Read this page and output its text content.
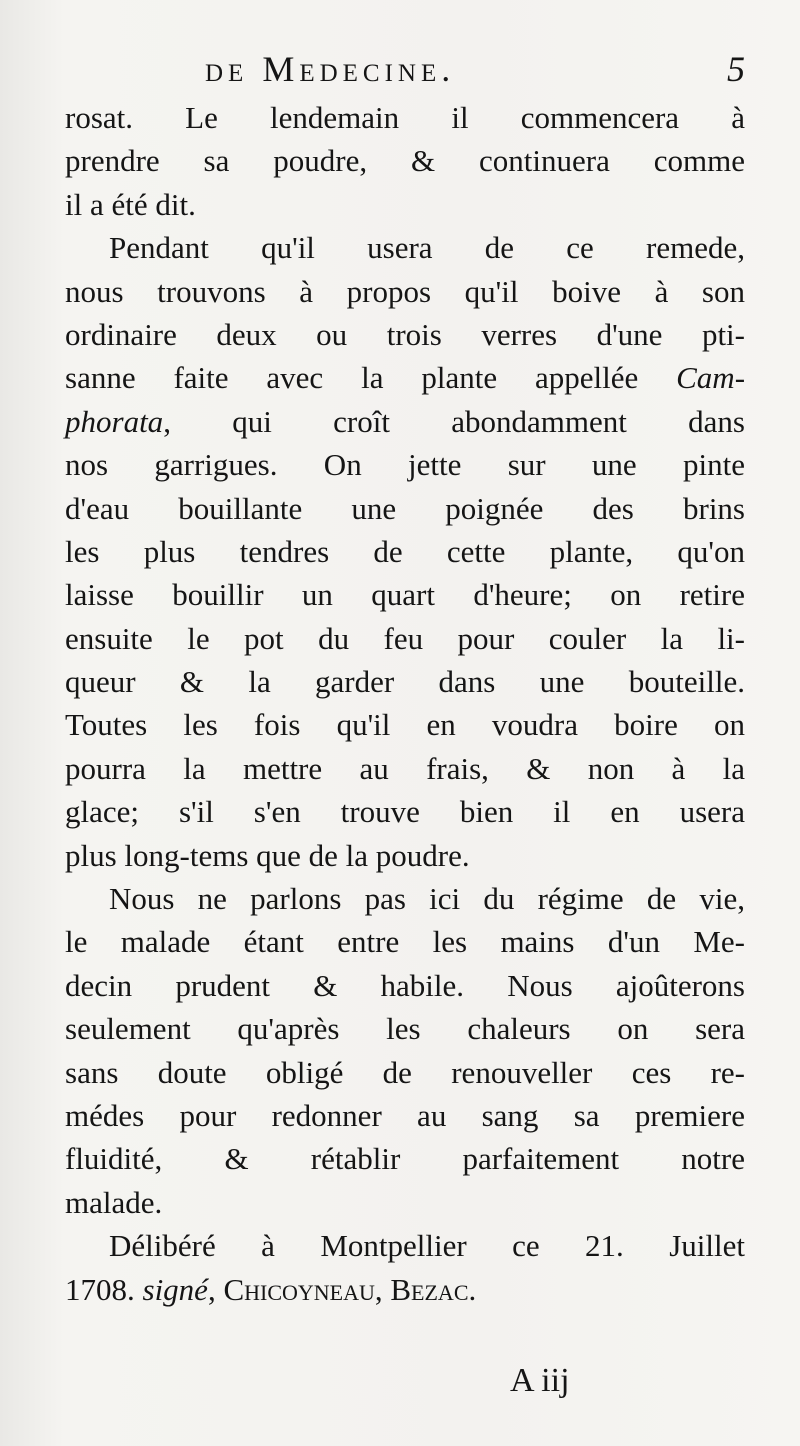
de Medecine.	5
rosat. Le lendemain il commencera à
prendre sa poudre, & continuera comme
il a été dit.
Pendant qu'il usera de ce remede,
nous trouvons à propos qu'il boive à son
ordinaire deux ou trois verres d'une pti-
sanne faite avec la plante appellée Cam-
phorata, qui croît abondamment dans
nos garrigues. On jette sur une pinte
d'eau bouillante une poignée des brins
les plus tendres de cette plante, qu'on
laisse bouillir un quart d'heure; on retire
ensuite le pot du feu pour couler la li-
queur & la garder dans une bouteille.
Toutes les fois qu'il en voudra boire on
pourra la mettre au frais, & non à la
glace; s'il s'en trouve bien il en usera
plus long-tems que de la poudre.
Nous ne parlons pas ici du régime de vie,
le malade étant entre les mains d'un Me-
decin prudent & habile. Nous ajoûterons
seulement qu'après les chaleurs on sera
sans doute obligé de renouveller ces re-
médes pour redonner au sang sa premiere
fluidité, & rétablir parfaitement notre
malade.
Délibéré à Montpellier ce 21. Juillet
1708. signé, Chicoyneau, Bezac.
A iij
